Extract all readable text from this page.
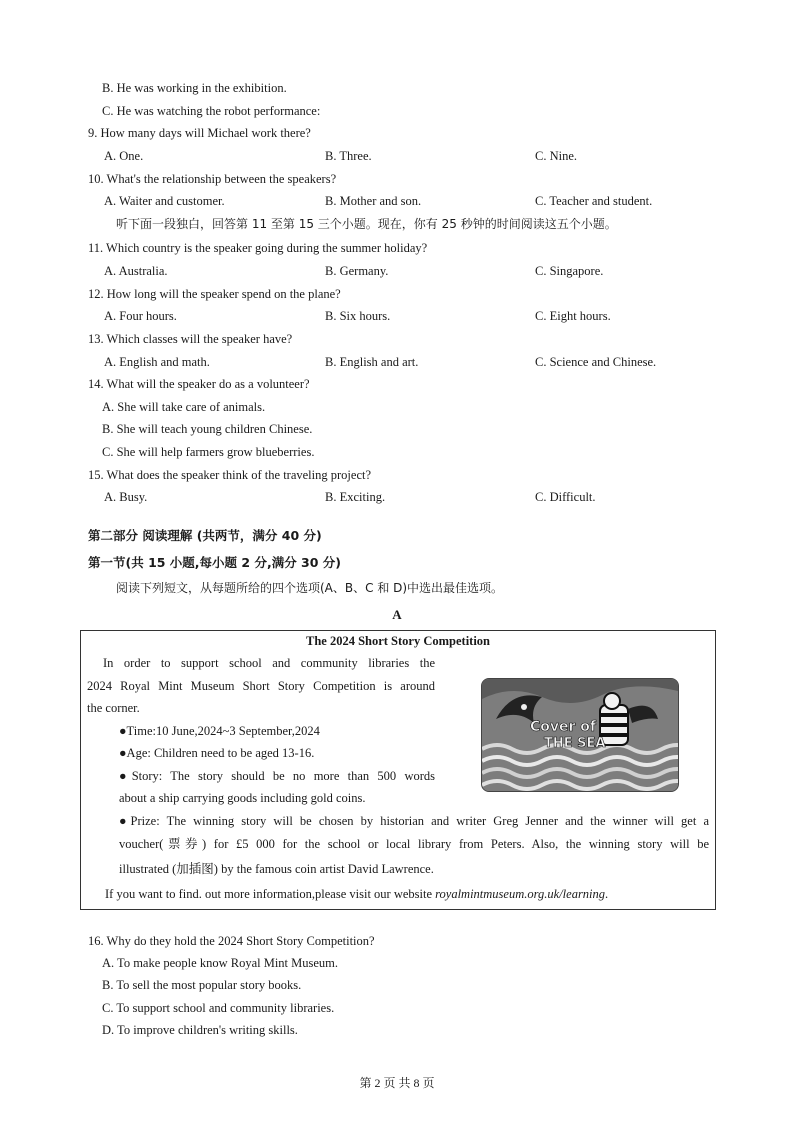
B. He was working in the exhibition.
C. He was watching the robot performance:
9. How many days will Michael work there?
A. One.	B. Three.	C. Nine.
10. What's the relationship between the speakers?
A. Waiter and customer.	B. Mother and son.	C. Teacher and student.
听下面一段独白，回答第 11 至第 15 三个小题。现在，你有 25 秒钟的时间阅读这五个小题。
11. Which country is the speaker going during the summer holiday?
A. Australia.	B. Germany.	C. Singapore.
12. How long will the speaker spend on the plane?
A. Four hours.	B. Six hours.	C. Eight hours.
13. Which classes will the speaker have?
A. English and math.	B. English and art.	C. Science and Chinese.
14. What will the speaker do as a volunteer?
A. She will take care of animals.
B. She will teach young children Chinese.
C. She will help farmers grow blueberries.
15. What does the speaker think of the traveling project?
A. Busy.	B. Exciting.	C. Difficult.
第二部分 阅读理解 (共两节，满分 40 分)
第一节(共 15 小题,每小题 2 分,满分 30 分)
阅读下列短文，从每题所给的四个选项(A、B、C 和 D)中选出最佳选项。
A
The 2024 Short Story Competition
In order to support school and community libraries the
2024 Royal Mint Museum Short Story Competition is around
the corner.
●Time:10 June,2024~3 September,2024
●Age: Children need to be aged 13-16.
●Story: The story should be no more than 500 words
about a ship carrying goods including gold coins.
●Prize: The winning story will be chosen by historian and writer Greg Jenner and the winner will get a
voucher(票券) for £5 000 for the school or local library from Peters. Also, the winning story will be
illustrated (加插图) by the famous coin artist David Lawrence.
If you want to find. out more information,please visit our website royalmintmuseum.org.uk/learning.
Cover of
THE SEA
16. Why do they hold the 2024 Short Story Competition?
A. To make people know Royal Mint Museum.
B. To sell the most popular story books.
C. To support school and community libraries.
D. To improve children's writing skills.
第 2 页 共 8 页
